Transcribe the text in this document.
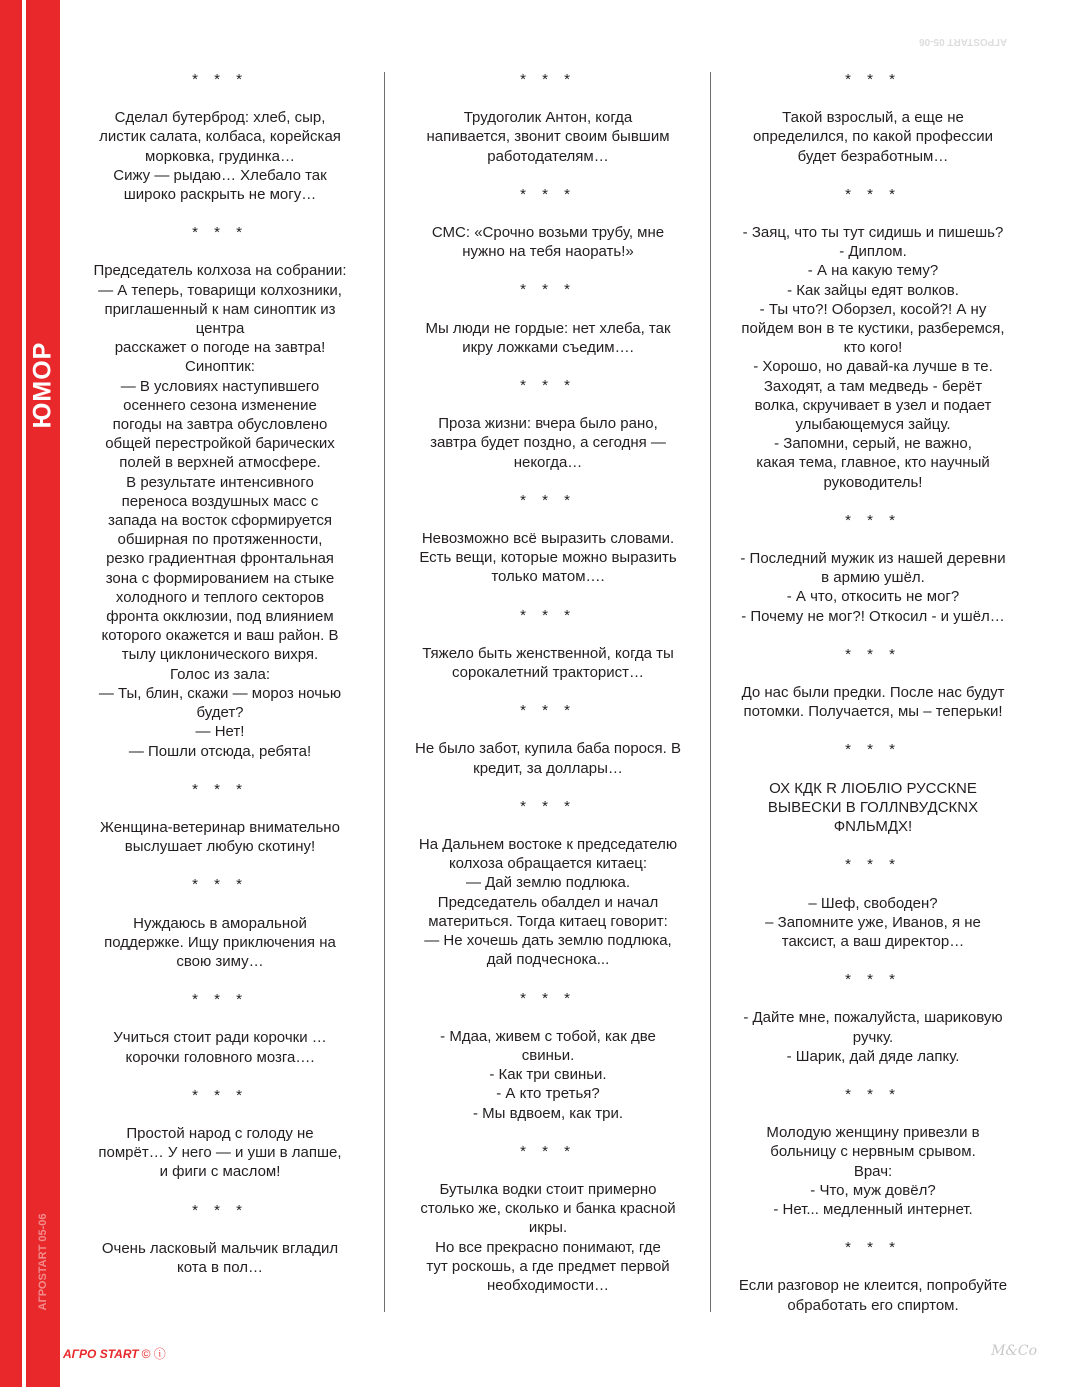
ЮМОР
АГРОSTART 05-06
АГРОSTART 05-06
* * *

Сделал бутерброд: хлеб, сыр,
листик салата, колбаса, корейская
морковка, грудинка…
Сижу — рыдаю… Хлебало так
широко раскрыть не могу…

* * *

Председатель колхоза на собрании:
— А теперь, товарищи колхозники,
приглашенный к нам синоптик из
центра
расскажет о погоде на завтра!
Синоптик:
— В условиях наступившего
осеннего сезона изменение
погоды на завтра обусловлено
общей перестройкой барических
полей в верхней атмосфере.
В результате интенсивного
переноса воздушных масс с
запада на восток сформируется
обширная по протяженности,
резко градиентная фронтальная
зона с формированием на стыке
холодного и теплого секторов
фронта окклюзии, под влиянием
которого окажется и ваш район. В
тылу циклонического вихря.
Голос из зала:
— Ты, блин, скажи — мороз ночью
будет?
— Нет!
— Пошли отсюда, ребята!

* * *

Женщина-ветеринар внимательно
выслушает любую скотину!

* * *

Нуждаюсь в аморальной
поддержке. Ищу приключения на
свою зиму…

* * *

Учиться стоит ради корочки …
корочки головного мозга….

* * *

Простой народ с голоду не
помрёт… У него — и уши в лапше,
и фиги с маслом!

* * *

Очень ласковый мальчик вгладил
кота в пол…

* * *

Трудоголик Антон, когда
напивается, звонит своим бывшим
работодателям…

* * *

СМС: «Срочно возьми трубу, мне
нужно на тебя наорать!»

* * *

Мы люди не гордые: нет хлеба, так
икру ложками съедим….

* * *

Проза жизни: вчера было рано,
завтра будет поздно, а сегодня —
некогда…

* * *

Невозможно всё выразить словами.
Есть вещи, которые можно выразить
только матом….

* * *

Тяжело быть женственной, когда ты
сорокалетний тракторист…

* * *

Не было забот, купила баба порося. В
кредит, за доллары…

* * *

На Дальнем востоке к председателю
колхоза обращается китаец:
— Дай землю подлюка.
Председатель обалдел и начал
материться. Тогда китаец говорит:
— Не хочешь дать землю подлюка,
дай подчеснока...

* * *

- Мдаа, живем с тобой, как две
свиньи.
- Как три свиньи.
- А кто третья?
- Мы вдвоем, как три.

* * *

Бутылка водки стоит примерно
столько же, сколько и банка красной
икры.
Но все прекрасно понимают, где
тут роскошь, а где предмет первой
необходимости…

* * *

Такой взрослый, а еще не
определился, по какой профессии
будет безработным…

* * *

- Заяц, что ты тут сидишь и пишешь?
- Диплом.
- А на какую тему?
- Как зайцы едят волков.
- Ты что?! Оборзел, косой?! А ну
пойдем вон в те кустики, разберемся,
кто кого!
- Хорошо, но давай-ка лучше в те.
Заходят, а там медведь - берёт
волка, скручивает в узел и подает
улыбающемуся зайцу.
- Запомни, серый, не важно,
какая тема, главное, кто научный
руководитель!

* * *

- Последний мужик из нашей деревни
в армию ушёл.
- А что, откосить не мог?
- Почему не мог?! Откосил - и ушёл…

* * *

До нас были предки. После нас будут
потомки. Получается, мы – теперьки!

* * *

ОХ КДК R ЛІОБЛІО РУССКNЕ
ВЫВЕСКИ В ГОЛЛNВУДСКNХ
ФNЛЬМДХ!

* * *

– Шеф, свободен?
– Запомните уже, Иванов, я не
таксист, а ваш директор…

* * *

- Дайте мне, пожалуйста, шариковую
ручку.
- Шарик, дай дяде лапку.

* * *

Молодую женщину привезли в
больницу с нервным срывом.
Врач:
- Что, муж довёл?
- Нет... медленный интернет.

* * *

Если разговор не клеится, попробуйте
обработать его спиртом.

АГРО START © ⓘ	M&Co
